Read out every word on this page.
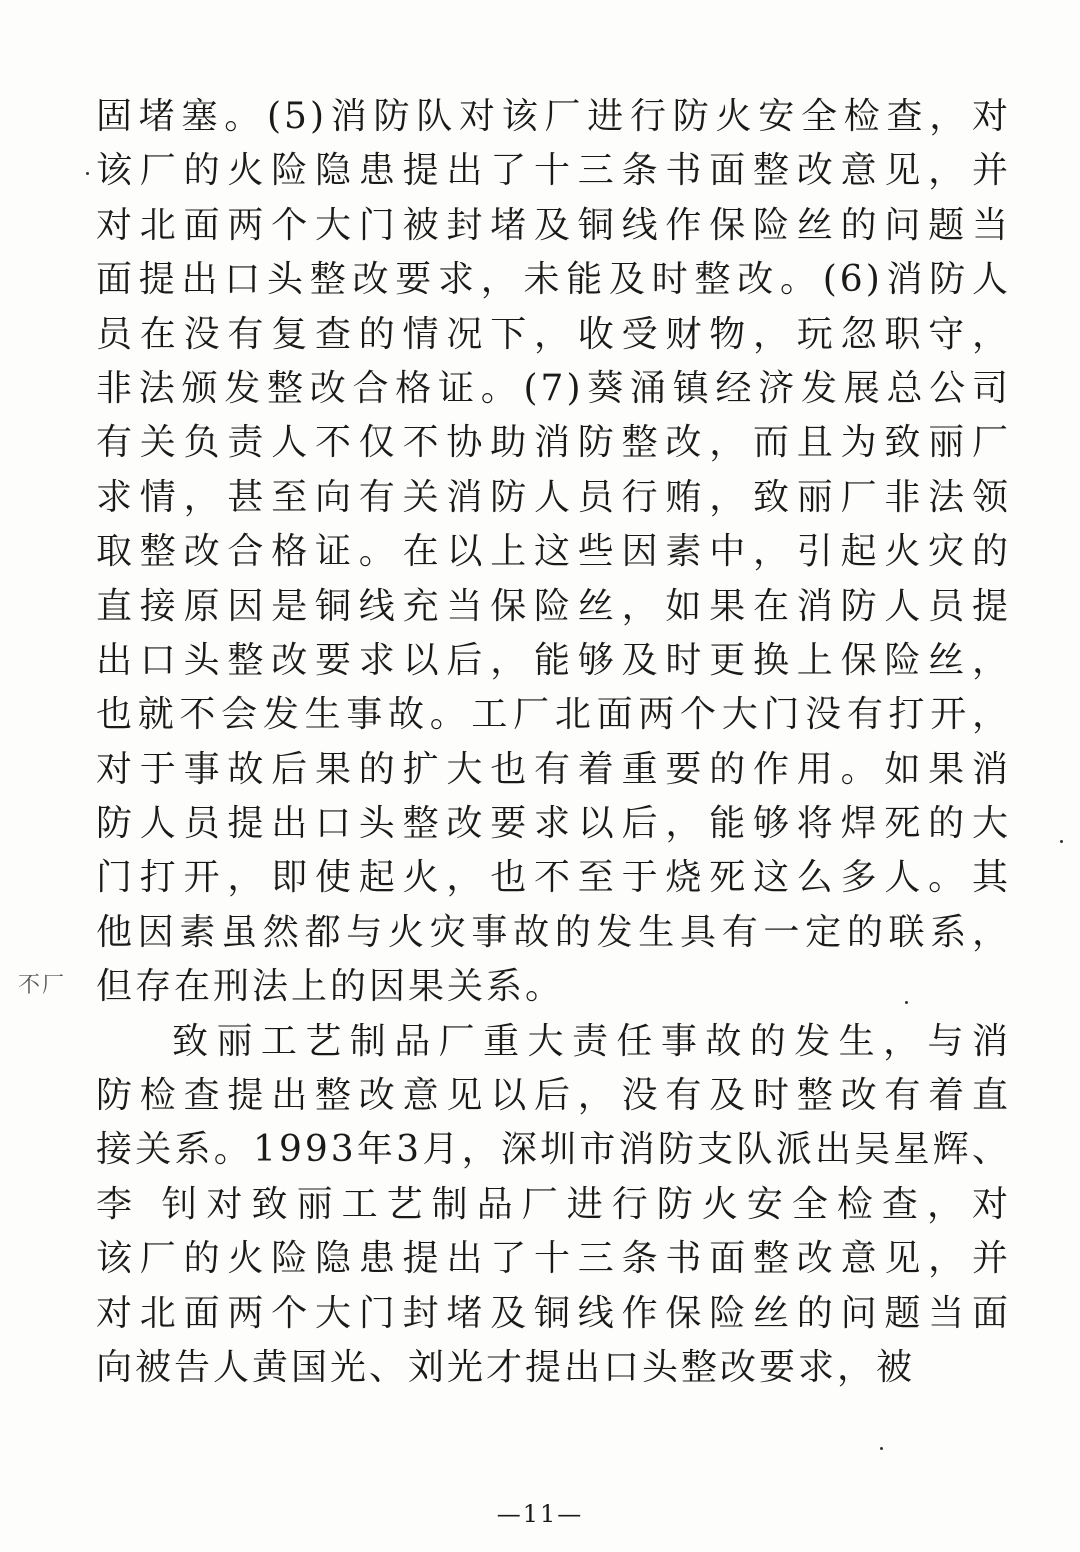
固堵塞。(5)消防队对该厂进行防火安全检查，对
该厂的火险隐患提出了十三条书面整改意见，并
对北面两个大门被封堵及铜线作保险丝的问题当
面提出口头整改要求，未能及时整改。(6)消防人
员在没有复查的情况下，收受财物，玩忽职守，
非法颁发整改合格证。(7)葵涌镇经济发展总公司
有关负责人不仅不协助消防整改，而且为致丽厂
求情，甚至向有关消防人员行贿，致丽厂非法领
取整改合格证。在以上这些因素中，引起火灾的
直接原因是铜线充当保险丝，如果在消防人员提
出口头整改要求以后，能够及时更换上保险丝，
也就不会发生事故。工厂北面两个大门没有打开，
对于事故后果的扩大也有着重要的作用。如果消
防人员提出口头整改要求以后，能够将焊死的大
门打开，即使起火，也不至于烧死这么多人。其
他因素虽然都与火灾事故的发生具有一定的联系，
但存在刑法上的因果关系。
致丽工艺制品厂重大责任事故的发生，与消
防检查提出整改意见以后，没有及时整改有着直
接关系。1993年3月，深圳市消防支队派出吴星辉、
李 钊对致丽工艺制品厂进行防火安全检查，对
该厂的火险隐患提出了十三条书面整改意见，并
对北面两个大门封堵及铜线作保险丝的问题当面
向被告人黄国光、刘光才提出口头整改要求，被
不厂
—11—
